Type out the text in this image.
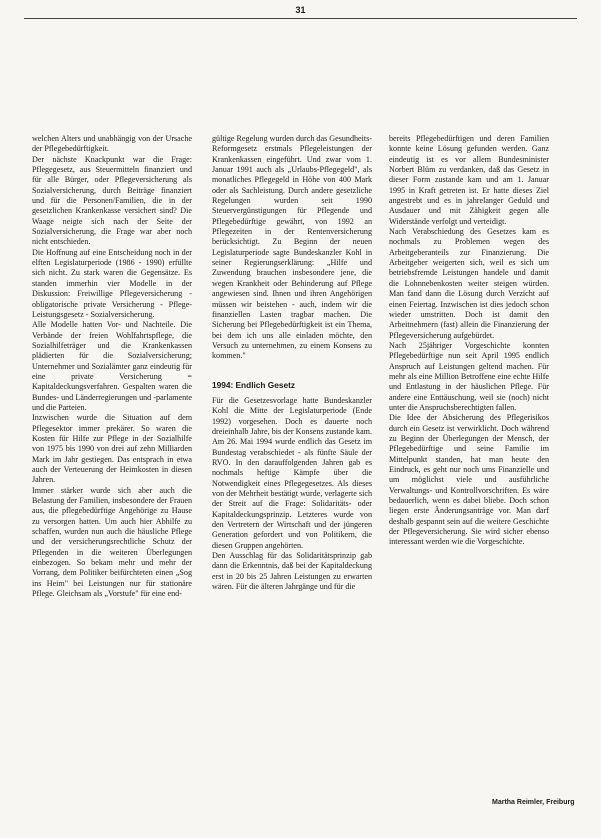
31

welchen Alters und unabhängig von der Ursache der Pflegebedürftigkeit.

Der nächste Knackpunkt war die Frage: Pflegegesetz, aus Steuermitteln finanziert und für alle Bürger, oder Pflegeversicherung als Sozialversicherung, durch Beiträge finanziert und für die Personen/Familien, die in der gesetzlichen Krankenkasse versichert sind? Die Waage neigte sich nach der Seite der Sozialversicherung, die Frage war aber noch nicht entschieden.

Die Hoffnung auf eine Entscheidung noch in der elften Legislaturperiode (1986 - 1990) erfüllte sich nicht. Zu stark waren die Gegensätze. Es standen immerhin vier Modelle in der Diskussion: Freiwillige Pflegeversicherung - obligatorische private Versicherung - Pflege-Leistungsgesetz - Sozialversicherung.

Alle Modelle hatten Vor- und Nachteile. Die Verbände der freien Wohlfahrtspflege, die Sozialhilfeträger und die Krankenkassen plädierten für die Sozialversicherung; Unternehmer und Sozialämter ganz eindeutig für eine private Versicherung = Kapitaldeckungsverfahren. Gespalten waren die Bundes- und Länderregierungen und -parlamente und die Parteien.

Inzwischen wurde die Situation auf dem Pflegesektor immer prekärer. So waren die Kosten für Hilfe zur Pflege in der Sozialhilfe von 1975 bis 1990 von drei auf zehn Milliarden Mark im Jahr gestiegen. Das entsprach in etwa auch der Verteuerung der Heimkosten in diesen Jahren.

Immer stärker wurde sich aber auch die Belastung der Familien, insbesondere der Frauen aus, die pflegebedürftige Angehörige zu Hause zu versorgen hatten. Um auch hier Abhilfe zu schaffen, wurden nun auch die häusliche Pflege und der versicherungsrechtliche Schutz der Pflegenden in die weiteren Überlegungen einbezogen. So bekam mehr und mehr der Vorrang, dem Politiker beifürchteten einen „Sog ins Heim" bei Leistungen nur für stationäre Pflege. Gleichsam als „Vorstufe" für eine end-

gültige Regelung wurden durch das Gesundheits-Reformgesetz erstmals Pflegeleistungen der Krankenkassen eingeführt. Und zwar vom 1. Januar 1991 auch als „Urlaubs-Pflegegeld", als monatliches Pflegegeld in Höhe von 400 Mark oder als Sachleistung. Durch andere gesetzliche Regelungen wurden seit 1990 Steuervergünstigungen für Pflegende und Pflegebedürftige gewährt, von 1992 an Pflegezeiten in der Rentenversicherung berücksichtigt. Zu Beginn der neuen Legislaturperiode sagte Bundeskanzler Kohl in seiner Regierungserklärung: „Hilfe und Zuwendung brauchen insbesondere jene, die wegen Krankheit oder Behinderung auf Pflege angewiesen sind. Ihnen und ihren Angehörigen müssen wir beistehen - auch, indem wir die finanziellen Lasten tragbar machen. Die Sicherung bei Pflegebedürftigkeit ist ein Thema, bei dem ich uns alle einladen möchte, den Versuch zu unternehmen, zu einem Konsens zu kommen."

1994: Endlich Gesetz

Für die Gesetzesvorlage hatte Bundeskanzler Kohl die Mitte der Legislaturperiode (Ende 1992) vorgesehen. Doch es dauerte noch dreieinhalb Jahre, bis der Konsens zustande kam. Am 26. Mai 1994 wurde endlich das Gesetz im Bundestag verabschiedet - als fünfte Säule der RVO. In den darauffolgenden Jahren gab es nochmals heftige Kämpfe über die Notwendigkeit eines Pflegegesetzes. Als dieses von der Mehrheit bestätigt wurde, verlagerte sich der Streit auf die Frage: Solidaritäts- oder Kapitaldeckungsprinzip. Letzteres wurde von den Vertretern der Wirtschaft und der jüngeren Generation gefordert und von Politikern, die diesen Gruppen angehörten.

Den Ausschlag für das Solidaritätsprinzip gab dann die Erkenntnis, daß bei der Kapitaldeckung erst in 20 bis 25 Jahren Leistungen zu erwarten wären. Für die älteren Jahrgänge und für die

bereits Pflegebedürftigen und deren Familien konnte keine Lösung gefunden werden. Ganz eindeutig ist es vor allem Bundesminister Norbert Blüm zu verdanken, daß das Gesetz in dieser Form zustande kam und am 1. Januar 1995 in Kraft getreten ist. Er hatte dieses Ziel angestrebt und es in jahrelanger Geduld und Ausdauer und mit Zähigkeit gegen alle Widerstände verfolgt und verteidigt.

Nach Verabschiedung des Gesetzes kam es nochmals zu Problemen wegen des Arbeitgeberanteils zur Finanzierung. Die Arbeitgeber weigerten sich, weil es sich um betriebsfremde Leistungen handele und damit die Lohnnebenkosten weiter steigen würden. Man fand dann die Lösung durch Verzicht auf einen Feiertag. Inzwischen ist dies jedoch schon wieder umstritten. Doch ist damit den Arbeitnehmern (fast) allein die Finanzierung der Pflegeversicherung aufgebürdet.

Nach 25jähriger Vorgeschichte konnten Pflegebedürftige nun seit April 1995 endlich Anspruch auf Leistungen geltend machen. Für mehr als eine Million Betroffene eine echte Hilfe und Entlastung in der häuslichen Pflege. Für andere eine Enttäuschung, weil sie (noch) nicht unter die Anspruchsberechtigten fallen.

Die Idee der Absicherung des Pflegerisikos durch ein Gesetz ist verwirklicht. Doch während zu Beginn der Überlegungen der Mensch, der Pflegebedürftige und seine Familie im Mittelpunkt standen, hat man heute den Eindruck, es geht nur noch ums Finanzielle und um möglichst viele und ausführliche Verwaltungs- und Kontrollvorschriften. Es wäre bedauerlich, wenn es dabei bliebe. Doch schon liegen erste Änderungsanträge vor. Man darf deshalb gespannt sein auf die weitere Geschichte der Pflegeversicherung. Sie wird sicher ebenso interessant werden wie die Vorgeschichte.

Martha Reimler, Freiburg
